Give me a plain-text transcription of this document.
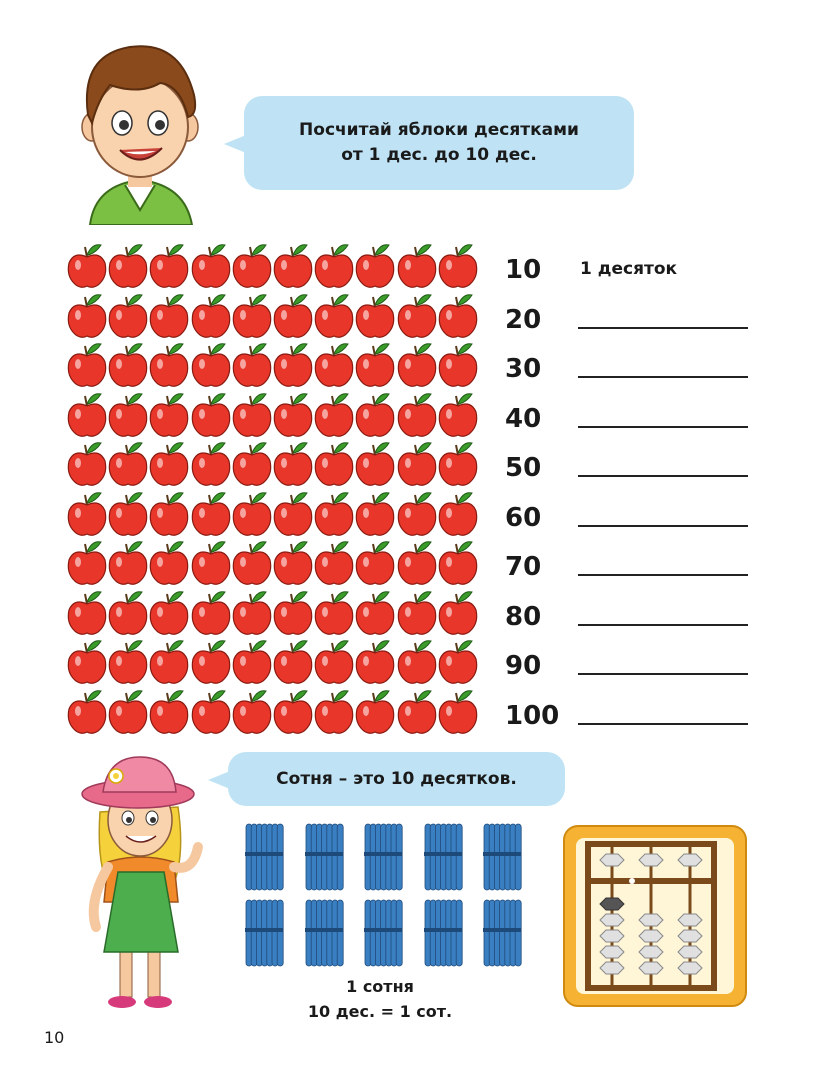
Посчитай яблоки десятками
от 1 дес. до 10 дес.
10	1 десяток
20
30
40
50
60
70
80
90
100
Сотня – это 10 десятков.
1 сотня
10 дес. = 1 сот.
10
